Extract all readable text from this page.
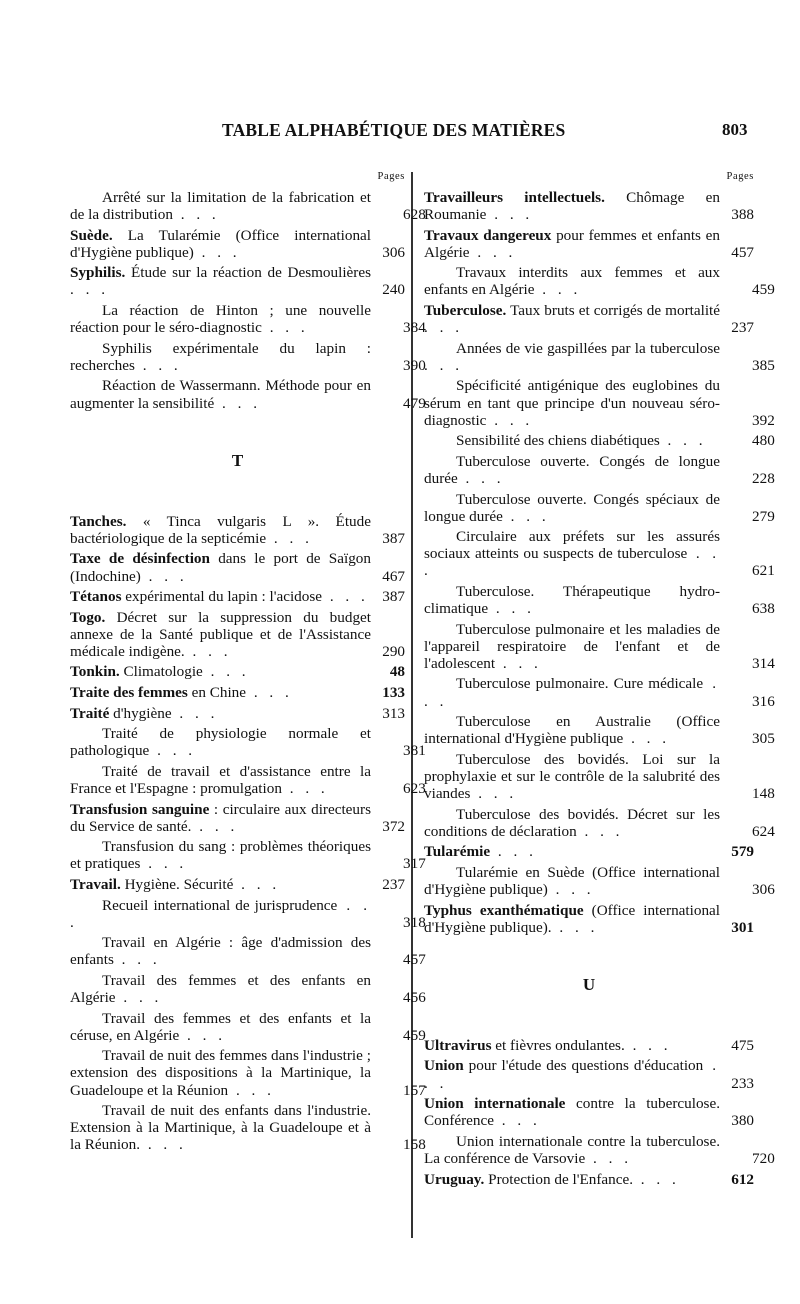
TABLE ALPHABÉTIQUE DES MATIÈRES	803
Pages
Arrêté sur la limitation de la fabrication et de la distribution . . .	628
Suède. La Tularémie (Office international d'Hygiène publique) . . .	306
Syphilis. Étude sur la réaction de Desmoulières . . .	240
La réaction de Hinton ; une nouvelle réaction pour le séro-diagnostic . . .	384
Syphilis expérimentale du lapin : recherches . . .	390
Réaction de Wassermann. Méthode pour en augmenter la sensibilité . . .	479
T
Tanches. « Tinca vulgaris L ». Étude bactériologique de la septicémie . . .	387
Taxe de désinfection dans le port de Saïgon (Indochine) . . .	467
Tétanos expérimental du lapin : l'acidose . . . 387
Togo. Décret sur la suppression du budget annexe de la Santé publique et de l'Assistance médicale indigène. . . .	290
Tonkin. Climatologie . . .	48
Traite des femmes en Chine . . .	133
Traité d'hygiène . . .	313
Traité de physiologie normale et pathologique . . .	381
Traité de travail et d'assistance entre la France et l'Espagne : promulgation . . .	623
Transfusion sanguine : circulaire aux directeurs du Service de santé. . . .	372
Transfusion du sang : problèmes théoriques et pratiques . . .	317
Travail. Hygiène. Sécurité . . .	237
Recueil international de jurisprudence . . .	318
Travail en Algérie : âge d'admission des enfants . . .	457
Travail des femmes et des enfants en Algérie . . .	456
Travail des femmes et des enfants et la céruse, en Algérie . . .	459
Travail de nuit des femmes dans l'industrie ; extension des dispositions à la Martinique, la Guadeloupe et la Réunion . . .	157
Travail de nuit des enfants dans l'industrie. Extension à la Martinique, à la Guadeloupe et à la Réunion. . . .	158
Pages
Travailleurs intellectuels. Chômage en Roumanie . . .	388
Travaux dangereux pour femmes et enfants en Algérie . . .	457
Travaux interdits aux femmes et aux enfants en Algérie . . .	459
Tuberculose. Taux bruts et corrigés de mortalité . . .	237
Années de vie gaspillées par la tuberculose . . .	385
Spécificité antigénique des euglobines du sérum en tant que principe d'un nouveau séro-diagnostic . . .	392
Sensibilité des chiens diabétiques . . .	480
Tuberculose ouverte. Congés de longue durée . . .	228
Tuberculose ouverte. Congés spéciaux de longue durée . . .	279
Circulaire aux préfets sur les assurés sociaux atteints ou suspects de tuberculose . . .	621
Tuberculose. Thérapeutique hydro-climatique . . .	638
Tuberculose pulmonaire et les maladies de l'appareil respiratoire de l'enfant et de l'adolescent . . .	314
Tuberculose pulmonaire. Cure médicale . . .	316
Tuberculose en Australie (Office international d'Hygiène publique . . .	305
Tuberculose des bovidés. Loi sur la prophylaxie et sur le contrôle de la salubrité des viandes . . .	148
Tuberculose des bovidés. Décret sur les conditions de déclaration . . .	624
Tularémie . . .	579
Tularémie en Suède (Office international d'Hygiène publique) . . .	306
Typhus exanthématique (Office international d'Hygiène publique). . . .	301
U
Ultravirus et fièvres ondulantes. . . .	475
Union pour l'étude des questions d'éducation . . .	233
Union internationale contre la tuberculose. Conférence . . .	380
Union internationale contre la tuberculose. La conférence de Varsovie . . .	720
Uruguay. Protection de l'Enfance. . . .	612
